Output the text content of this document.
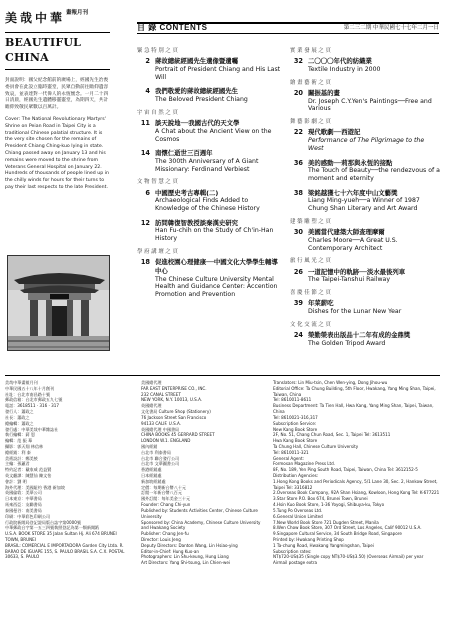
美哉中華
BEAUTIFUL CHINA
封面說明：國父紀念館前的廣場上，經國先生治喪委員會在此設立臨時靈堂，民眾自動前往瞻仰遺容致哀，並表達對一代偉人的永恆懷念。一月二十四日清晨，經國先生遺體移靈靈堂，為期四天，共計瞻仰致敬民眾數以百萬計。
Cover: The National Revolutionary Martyrs' Shrine on Peian Road in Taipei City is a traditional Chinese palatial structure. It is the very site chosen for the remains of President Chiang Ching-kuo lying in state. Chiang passed away on January 13 and his remains were moved to the shrine from Veterans General Hospital on January 22. Hundreds of thousands of people lined up in the chilly winds for hours for their turns to pay their last respects to the late President.
畫報月刊
目 錄 CONTENTS	第二三二期 中華民國七十七年二月一日
緊 急 特 別 之 頁
2 蔣故總統經國先生遺像暨遺囑
Portrait of President Chiang and His Last Will
4 我們敬愛的蔣故總統經國先生
The Beloved President Chiang
宇 宙 自 然 之 頁
11 談天說地──我國古代的天文學
A Chat about the Ancient View on the Cosmos
14 南懷仁逝世三百週年
The 300th Anniversary of A Giant Missionary: Ferdinand Verbiest
文 物 智 慧 之 頁
6 中國歷史考古專輯(二)
Archaeological Finds Added to Knowledge of the Chinese History
12 訪問韓復智教授談秦漢史研究
Han Fu-chih on the Study of Ch'in-Han History
學 府 講 壇 之 頁
18 促進校園心理健康──中國文化大學學生輔導中心
The Chinese Culture University Mental Health and Guidance Center: Accention Promotion and Prevention
實 業 發 展 之 頁
32 二〇〇〇年代的紡織業
Textile Industry in 2000
繪 畫 藝 術 之 頁
20 關振基的畫
Dr. Joseph C.Y.Yen's Paintings──Free and Various
舞 藝 影 劇 之 頁
22 現代歌劇──西遊記
Performance of The Pilgrimage to the West
36 美的感動──莉那與永恆的接點
The Touch of Beauty──the rendezvous of a moment and eternity
38 梁銘越獲七十六年度中山文藝獎
Liang Ming-yueh──a Winner of 1987 Chung Shan Literary and Art Award
建 築 雕 塑 之 頁
30 美國當代建築大師查理摩爾
Charles Moore──A Great U.S. Contemporary Architect
旅 行 風 光 之 頁
26 一道記憶中的軌跡──淡水最後列車
The Taipei-Tanshui Railway
喜 慶 佳 節 之 頁
39 年菜薪吃
Dishes for the Lunar New Year
文 化 交 流 之 頁
24 榮勤榮表出版品十二年有成的金鼎獎
The Golden Tripod Award

美哉中華畫報月刊

中華民國五十八年十月創刊

社址：台北市南昌路十號

郵政信箱：台北市郵政五九七號

電話：3618511 · 316 · 317

發行人：蕭政之

社長：蕭政之

總編輯：蕭政之

發行處：中華美哉中華雜誌社

執行編輯：蔣 恩

編輯：范 振 葦

攝影：郭天翔 林信林

總經銷：利 泰

美術設計：鄭美綾

主編：孫蕙君

特約記者：戴家威 范益賢

英文翻譯：陳慧仙 陳文怡

會計：劉 明

海外代理：美國紐約 香港 新加坡

英國倫敦：美華公司

日本東京：中華書局

馬來西亞：友聯書局

泰國曼谷：南美書局

印刷：中華彩色印刷公司

行政院新聞局登記證局版台誌字第0000號

中華郵政台字第一五三四號執照登記為第一類新聞紙

U.S.A. BOOK STORE 35 Jalan Sultan Hj. Ali 674 BRUNEI TOWN, BRUNEI

BRASIL: COMERCIAL E IMPORTADORA Garden City Ltda. R. BARAO DE IGUAPE 155, S. PAULO BRASIL S.A. C.X. POSTAL 30633, S. PAULO

美國總代理

FAR EAST ENTERPRISE CO., INC.

232 CANAL STREET

NEW YORK, N.Y. 10013, U.S.A.

英國總代理

文化書局 Culture Shop (Stationery)

76 Jackson Street San Francisco

94133 CALIF. U.S.A.

英國總代理 中國書局

CHINA BOOKS 45 GERRARD STREET

LONDON W.1. ENGLAND

國內經銷

台北市 利泰書局

台北市 聯合發行公司

台北市 文華圖書公司

香港經銷處

日本經銷處

新加坡經銷處

定價：每期新台幣八十元

訂閱一年新台幣八百元

國外訂閱：每年美金三十元

Founder: Chang Chi-yun

Published by: Students Activities Center, Chinese Culture University

Sponsored by: China Academy, Chinese Culture University and Hwakang Society

Publisher: Chang Jen-fu

Director: Louis Jeng

Deputy Directors: Danton Wang, Lin Hsiao-ying

Editor-in-Chief: Hung Kuo-an

Photographers: Lin Shu-keung, Hung Liang

Art Directors: Yang Shi-tsung, Lin Chien-wei

Translators: Lin Miu-tsin, Chen Wen-ying, Dong Jihou-wu

Editorial Office: Ta Chung Building, 5th Floor, Hwakang, Yang Ming Shan, Taipei, Taiwan, China

Tel: 8610011-8611

Business Department: Ta Tien Hall, Hwa Kang, Yang Ming Shan, Taipei, Taiwan, China

Tel: 8610021-316,317

Subscription Service:

New Kang Book Store

2F, No. 51, Chang Chun Road, Sec. 1, Taipei Tel: 3613511

Hwa Kang Book Store

Ta Chung Hall, Chinese Culture University

Tel: 8610011-321

General Agent:

Formosan Magazine Press Ltd.

8F, No. 189, Yen Ping South Road, Taipei, Taiwan, China Tel: 3612152-5

Distribution Agencies:

1.Hong Kong Books and Periodicals Agency, 5/1 Lane 30, Sec. 2, Hankow Street, Taipei Tel: 3316812

2.Overseas Book Company, 92A Shan Hsiang, Kowloon, Hong Kong Tel: K-677221

3.Star Store P.O. Box 674, Brunei Town, Brunei

4.Hsin Kuo Book Store, 1-36 Yoyogi, Shibuya-ku, Tokyo

5.Tung Po Overseas Ltd.

6.General Union Limited

7.New World Book Store 721 Dugden Street, Manila

8.Wen Chow Book Store, 307 Ord Street, Los Angeles, Calif 90012 U.S.A.

9.Singapore Cultural Service, 34 South Bridge Road, Singapore

Printed by: Hwakang Printing Shop

1 Ta-chung Road, Hwakang Yangmingshan, Taipei

Subscription rates:

NT$720-US$35 (Single copy NT$70-US$3.50) (Overseas Airmail) per year

Airmail postage extra
